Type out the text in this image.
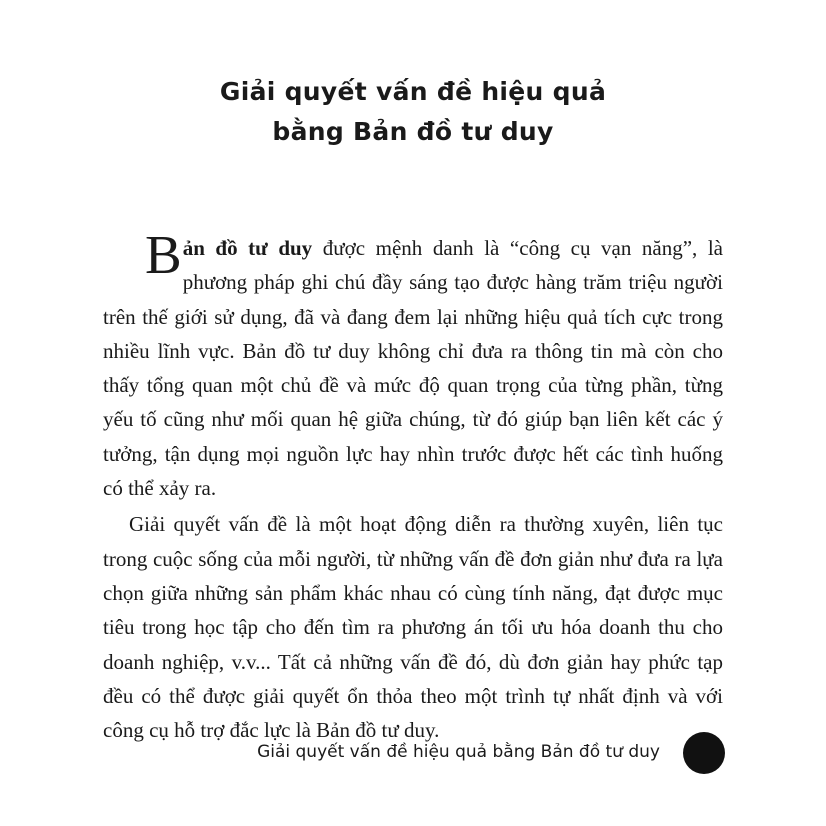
Giải quyết vấn đề hiệu quả
bằng Bản đồ tư duy

Bản đồ tư duy được mệnh danh là “công cụ vạn năng”, là phương pháp ghi chú đầy sáng tạo được hàng trăm triệu người trên thế giới sử dụng, đã và đang đem lại những hiệu quả tích cực trong nhiều lĩnh vực. Bản đồ tư duy không chỉ đưa ra thông tin mà còn cho thấy tổng quan một chủ đề và mức độ quan trọng của từng phần, từng yếu tố cũng như mối quan hệ giữa chúng, từ đó giúp bạn liên kết các ý tưởng, tận dụng mọi nguồn lực hay nhìn trước được hết các tình huống có thể xảy ra.

Giải quyết vấn đề là một hoạt động diễn ra thường xuyên, liên tục trong cuộc sống của mỗi người, từ những vấn đề đơn giản như đưa ra lựa chọn giữa những sản phẩm khác nhau có cùng tính năng, đạt được mục tiêu trong học tập cho đến tìm ra phương án tối ưu hóa doanh thu cho doanh nghiệp, v.v... Tất cả những vấn đề đó, dù đơn giản hay phức tạp đều có thể được giải quyết ổn thỏa theo một trình tự nhất định và với công cụ hỗ trợ đắc lực là Bản đồ tư duy.

Giải quyết vấn đề hiệu quả bằng Bản đồ tư duy
